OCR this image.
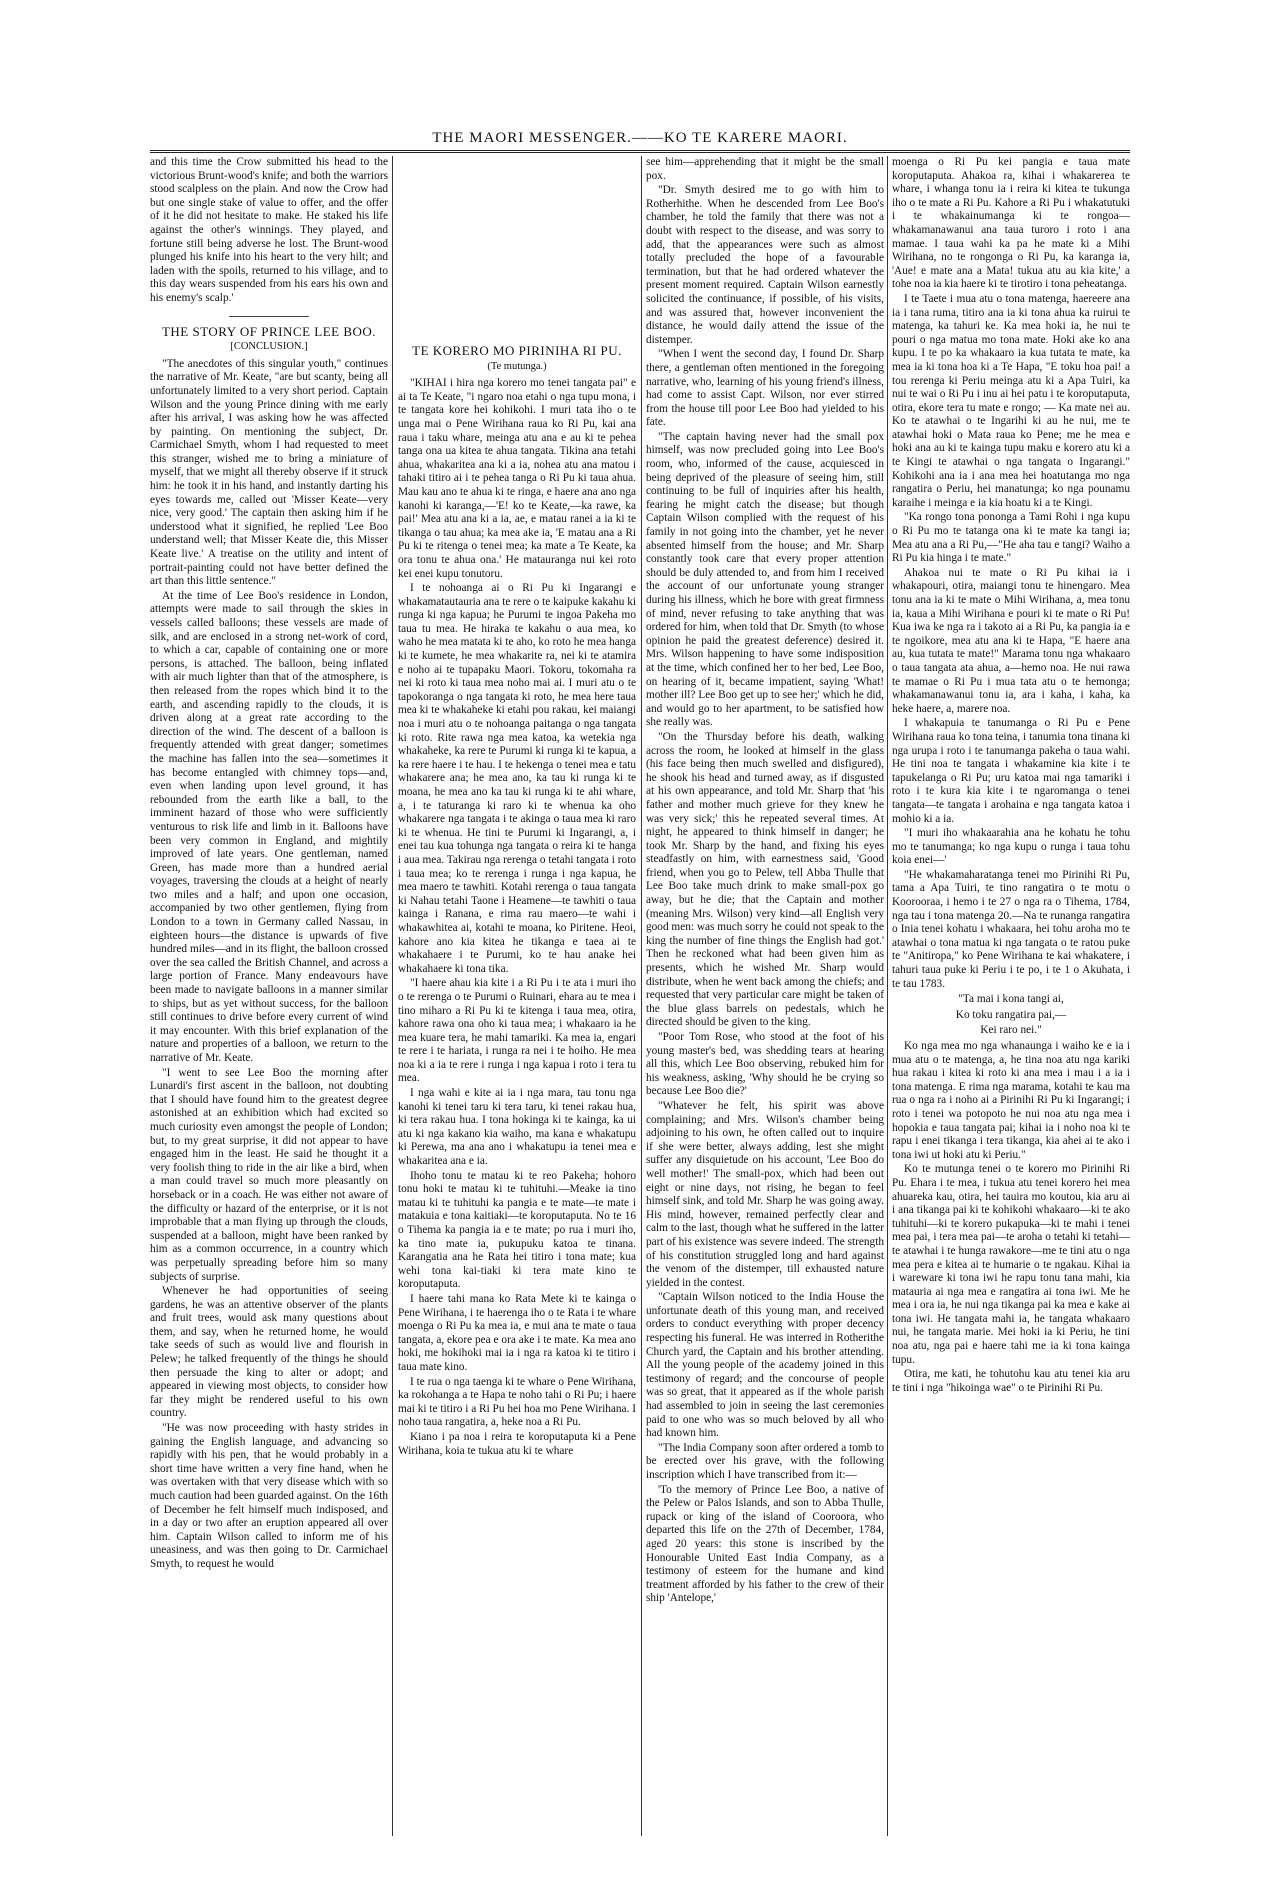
THE MAORI MESSENGER.——KO TE KARERE MAORI.

and this time the Crow submitted his head to the victorious Brunt-wood's knife; and both the warriors stood scalpless on the plain. And now the Crow had but one single stake of value to offer, and the offer of it he did not hesitate to make. He staked his life against the other's winnings. They played, and fortune still being adverse he lost. The Brunt-wood plunged his knife into his heart to the very hilt; and laden with the spoils, returned to his village, and to this day wears suspended from his ears his own and his enemy's scalp.'

THE STORY OF PRINCE LEE BOO.
[CONCLUSION.]

"The anecdotes of this singular youth," continues the narrative of Mr. Keate, "are but scanty, being all unfortunately limited to a very short period. Captain Wilson and the young Prince dining with me early after his arrival, I was asking how he was affected by painting. On mentioning the subject, Dr. Carmichael Smyth, whom I had requested to meet this stranger, wished me to bring a miniature of myself, that we might all thereby observe if it struck him: he took it in his hand, and instantly darting his eyes towards me, called out 'Misser Keate—very nice, very good.' The captain then asking him if he understood what it signified, he replied 'Lee Boo understand well; that Misser Keate die, this Misser Keate live.' A treatise on the utility and intent of portrait-painting could not have better defined the art than this little sentence."

At the time of Lee Boo's residence in London, attempts were made to sail through the skies in vessels called balloons; these vessels are made of silk, and are enclosed in a strong net-work of cord, to which a car, capable of containing one or more persons, is attached. The balloon, being inflated with air much lighter than that of the atmosphere, is then released from the ropes which bind it to the earth, and ascending rapidly to the clouds, it is driven along at a great rate according to the direction of the wind. The descent of a balloon is frequently attended with great danger; sometimes the machine has fallen into the sea—sometimes it has become entangled with chimney tops—and, even when landing upon level ground, it has rebounded from the earth like a ball, to the imminent hazard of those who were sufficiently venturous to risk life and limb in it. Balloons have been very common in England, and mightily improved of late years. One gentleman, named Green, has made more than a hundred aerial voyages, traversing the clouds at a height of nearly two miles and a half; and upon one occasion, accompanied by two other gentlemen, flying from London to a town in Germany called Nassau, in eighteen hours—the distance is upwards of five hundred miles—and in its flight, the balloon crossed over the sea called the British Channel, and across a large portion of France. Many endeavours have been made to navigate balloons in a manner similar to ships, but as yet without success, for the balloon still continues to drive before every current of wind it may encounter. With this brief explanation of the nature and properties of a balloon, we return to the narrative of Mr. Keate.

"I went to see Lee Boo the morning after Lunardi's first ascent in the balloon, not doubting that I should have found him to the greatest degree astonished at an exhibition which had excited so much curiosity even amongst the people of London; but, to my great surprise, it did not appear to have engaged him in the least. He said he thought it a very foolish thing to ride in the air like a bird, when a man could travel so much more pleasantly on horseback or in a coach. He was either not aware of the difficulty or hazard of the enterprise, or it is not improbable that a man flying up through the clouds, suspended at a balloon, might have been ranked by him as a common occurrence, in a country which was perpetually spreading before him so many subjects of surprise.

Whenever he had opportunities of seeing gardens, he was an attentive observer of the plants and fruit trees, would ask many questions about them, and say, when he returned home, he would take seeds of such as would live and flourish in Pelew; he talked frequently of the things he should then persuade the king to alter or adopt; and appeared in viewing most objects, to consider how far they might be rendered useful to his own country.

"He was now proceeding with hasty strides in gaining the English language, and advancing so rapidly with his pen, that he would probably in a short time have written a very fine hand, when he was overtaken with that very disease which with so much caution had been guarded against. On the 16th of December he felt himself much indisposed, and in a day or two after an eruption appeared all over him. Captain Wilson called to inform me of his uneasiness, and was then going to Dr. Carmichael Smyth, to request he would

TE KORERO MO PIRINIHA RI PU.
(Te mutunga.)

"KIHAI i hira nga korero mo tenei tangata pai" e ai ta Te Keate, "i ngaro noa etahi o nga tupu mona, i te tangata kore hei kohikohi. I muri tata iho o te unga mai o Pene Wirihana raua ko Ri Pu, kai ana raua i taku whare, meinga atu ana e au ki te pehea tanga ona ua kitea te ahua tangata. Tikina ana tetahi ahua, whakaritea ana ki a ia, nohea atu ana matou i tahaki titiro ai i te pehea tanga o Ri Pu ki taua ahua. Mau kau ano te ahua ki te ringa, e haere ana ano nga kanohi ki karanga,—'E! ko te Keate,—ka rawe, ka pai!' Mea atu ana ki a ia, ae, e matau ranei a ia ki te tikanga o tau ahua; ka mea ake ia, 'E matau ana a Ri Pu ki te ritenga o tenei mea; ka mate a Te Keate, ka ora tonu te ahua ona.' He matauranga nui kei roto kei enei kupu tonutoru.

I te nohoanga ai o Ri Pu ki Ingarangi e whakamatautauria ana te rere o te kaipuke kakahu ki runga ki nga kapua; he Purumi te ingoa Pakeha mo taua tu mea. He hiraka te kakahu o aua mea, ko waho he mea matata ki te aho, ko roto he mea hanga ki te kumete, he mea whakarite ra, nei ki te atamira e noho ai te tupapaku Maori. Tokoru, tokomaha ra nei ki roto ki taua mea noho mai ai. I muri atu o te tapokoranga o nga tangata ki roto, he mea here taua mea ki te whakaheke ki etahi pou rakau, kei maiangi noa i muri atu o te nohoanga paitanga o nga tangata ki roto. Rite rawa nga mea katoa, ka wetekia nga whakaheke, ka rere te Purumi ki runga ki te kapua, a ka rere haere i te hau. I te hekenga o tenei mea e tatu whakarere ana; he mea ano, ka tau ki runga ki te moana, he mea ano ka tau ki runga ki te ahi whare, a, i te taturanga ki raro ki te whenua ka oho whakarere nga tangata i te akinga o taua mea ki raro ki te whenua. He tini te Purumi ki Ingarangi, a, i enei tau kua tohunga nga tangata o reira ki te hanga i aua mea. Takirau nga rerenga o tetahi tangata i roto i taua mea; ko te rerenga i runga i nga kapua, he mea maero te tawhiti. Kotahi rerenga o taua tangata ki Nahau tetahi Taone i Heamene—te tawhiti o taua kainga i Ranana, e rima rau maero—te wahi i whakawhitea ai, kotahi te moana, ko Piritene. Heoi, kahore ano kia kitea he tikanga e taea ai te whakahaere i te Purumi, ko te hau anake hei whakahaere ki tona tika.

"I haere ahau kia kite i a Ri Pu i te ata i muri iho o te rerenga o te Purumi o Ruinari, ehara au te mea i tino miharo a Ri Pu ki te kitenga i taua mea, otira, kahore rawa ona oho ki taua mea; i whakaaro ia he mea kuare tera, he mahi tamariki. Ka mea ia, engari te rere i te hariata, i runga ra nei i te hoiho. He mea noa ki a ia te rere i runga i nga kapua i roto i tera tu mea.

I nga wahi e kite ai ia i nga mara, tau tonu nga kanohi ki tenei taru ki tera taru, ki tenei rakau hua, ki tera rakau hua. I tona hokinga ki te kainga, ka ui atu ki nga kakano kia waiho, ma kana e whakatupu ki Perewa, ma ana ano i whakatupu ia tenei mea e whakaritea ana e ia.

Ihoho tonu te matau ki te reo Pakeha; hohoro tonu hoki te matau ki te tuhituhi.—Meake ia tino matau ki te tuhituhi ka pangia e te mate—te mate i matakuia e tona kaitiaki—te koroputaputa. No te 16 o Tihema ka pangia ia e te mate; po rua i muri iho, ka tino mate ia, pukupuku katoa te tinana. Karangatia ana he Rata hei titiro i tona mate; kua wehi tona kai-tiaki ki tera mate kino te koroputaputa.

I haere tahi mana ko Rata Mete ki te kainga o Pene Wirihana, i te haerenga iho o te Rata i te whare moenga o Ri Pu ka mea ia, e mui ana te mate o taua tangata, a, ekore pea e ora ake i te mate. Ka mea ano hoki, me hokihoki mai ia i nga ra katoa ki te titiro i taua mate kino.

I te rua o nga taenga ki te whare o Pene Wirihana, ka rokohanga a te Hapa te noho tahi o Ri Pu; i haere mai ki te titiro i a Ri Pu hei hoa mo Pene Wirihana. I noho taua rangatira, a, heke noa a Ri Pu.

Kiano i pa noa i reira te koroputaputa ki a Pene Wirihana, koia te tukua atu ki te whare

see him—apprehending that it might be the small pox.

"Dr. Smyth desired me to go with him to Rotherhithe. When he descended from Lee Boo's chamber, he told the family that there was not a doubt with respect to the disease, and was sorry to add, that the appearances were such as almost totally precluded the hope of a favourable termination, but that he had ordered whatever the present moment required. Captain Wilson earnestly solicited the continuance, if possible, of his visits, and was assured that, however inconvenient the distance, he would daily attend the issue of the distemper.

"When I went the second day, I found Dr. Sharp there, a gentleman often mentioned in the foregoing narrative, who, learning of his young friend's illness, had come to assist Capt. Wilson, nor ever stirred from the house till poor Lee Boo had yielded to his fate.

"The captain having never had the small pox himself, was now precluded going into Lee Boo's room, who, informed of the cause, acquiesced in being deprived of the pleasure of seeing him, still continuing to be full of inquiries after his health, fearing he might catch the disease; but though Captain Wilson complied with the request of his family in not going into the chamber, yet he never absented himself from the house; and Mr. Sharp constantly took care that every proper attention should be duly attended to, and from him I received the account of our unfortunate young stranger during his illness, which he bore with great firmness of mind, never refusing to take anything that was ordered for him, when told that Dr. Smyth (to whose opinion he paid the greatest deference) desired it. Mrs. Wilson happening to have some indisposition at the time, which confined her to her bed, Lee Boo, on hearing of it, became impatient, saying 'What! mother ill? Lee Boo get up to see her;' which he did, and would go to her apartment, to be satisfied how she really was.

"On the Thursday before his death, walking across the room, he looked at himself in the glass (his face being then much swelled and disfigured), he shook his head and turned away, as if disgusted at his own appearance, and told Mr. Sharp that 'his father and mother much grieve for they knew he was very sick;' this he repeated several times. At night, he appeared to think himself in danger; he took Mr. Sharp by the hand, and fixing his eyes steadfastly on him, with earnestness said, 'Good friend, when you go to Pelew, tell Abba Thulle that Lee Boo take much drink to make small-pox go away, but he die; that the Captain and mother (meaning Mrs. Wilson) very kind—all English very good men: was much sorry he could not speak to the king the number of fine things the English had got.' Then he reckoned what had been given him as presents, which he wished Mr. Sharp would distribute, when he went back among the chiefs; and requested that very particular care might be taken of the blue glass barrels on pedestals, which he directed should be given to the king.

"Poor Tom Rose, who stood at the foot of his young master's bed, was shedding tears at hearing all this, which Lee Boo observing, rebuked him for his weakness, asking, 'Why should he be crying so because Lee Boo die?'

"Whatever he felt, his spirit was above complaining; and Mrs. Wilson's chamber being adjoining to his own, he often called out to inquire if she were better, always adding, lest she might suffer any disquietude on his account, 'Lee Boo do well mother!' The small-pox, which had been out eight or nine days, not rising, he began to feel himself sink, and told Mr. Sharp he was going away. His mind, however, remained perfectly clear and calm to the last, though what he suffered in the latter part of his existence was severe indeed. The strength of his constitution struggled long and hard against the venom of the distemper, till exhausted nature yielded in the contest.

"Captain Wilson noticed to the India House the unfortunate death of this young man, and received orders to conduct everything with proper decency respecting his funeral. He was interred in Rotherithe Church yard, the Captain and his brother attending. All the young people of the academy joined in this testimony of regard; and the concourse of people was so great, that it appeared as if the whole parish had assembled to join in seeing the last ceremonies paid to one who was so much beloved by all who had known him.

"The India Company soon after ordered a tomb to be erected over his grave, with the following inscription which I have transcribed from it:—

'To the memory of Prince Lee Boo, a native of the Pelew or Palos Islands, and son to Abba Thulle, rupack or king of the island of Cooroora, who departed this life on the 27th of December, 1784, aged 20 years: this stone is inscribed by the Honourable United East India Company, as a testimony of esteem for the humane and kind treatment afforded by his father to the crew of their ship 'Antelope,'

moenga o Ri Pu kei pangia e taua mate koroputaputa. Ahakoa ra, kihai i whakarerea te whare, i whanga tonu ia i reira ki kitea te tukunga iho o te mate a Ri Pu. Kahore a Ri Pu i whakatutuki i te whakainumanga ki te rongoa—whakamanawanui ana taua turoro i roto i ana mamae. I taua wahi ka pa he mate ki a Mihi Wirihana, no te rongonga o Ri Pu, ka karanga ia, 'Aue! e mate ana a Mata! tukua atu au kia kite,' a tohe noa ia kia haere ki te tirotiro i tona peheatanga.

I te Taete i mua atu o tona matenga, haereere ana ia i tana ruma, titiro ana ia ki tona ahua ka ruirui te matenga, ka tahuri ke. Ka mea hoki ia, he nui te pouri o nga matua mo tona mate. Hoki ake ko ana kupu. I te po ka whakaaro ia kua tutata te mate, ka mea ia ki tona hoa ki a Te Hapa, "E toku hoa pai! a tou rerenga ki Periu meinga atu ki a Apa Tuiri, ka nui te wai o Ri Pu i inu ai hei patu i te koroputaputa, otira, ekore tera tu mate e rongo; — Ka mate nei au. Ko te atawhai o te Ingarihi ki au he nui, me te atawhai hoki o Mata raua ko Pene; me he mea e hoki ana au ki te kainga tupu maku e korero atu ki a te Kingi te atawhai o nga tangata o Ingarangi." Kohikohi ana ia i ana mea hei hoatutanga mo nga rangatira o Periu, hei manatunga; ko nga pounamu karaihe i meinga e ia kia hoatu ki a te Kingi.

"Ka rongo tona pononga a Tami Rohi i nga kupu o Ri Pu mo te tatanga ona ki te mate ka tangi ia; Mea atu ana a Ri Pu,—"He aha tau e tangi? Waiho a Ri Pu kia hinga i te mate."

Ahakoa nui te mate o Ri Pu kihai ia i whakapouri, otira, maiangi tonu te hinengaro. Mea tonu ana ia ki te mate o Mihi Wirihana, a, mea tonu ia, kaua a Mihi Wirihana e pouri ki te mate o Ri Pu! Kua iwa ke nga ra i takoto ai a Ri Pu, ka pangia ia e te ngoikore, mea atu ana ki te Hapa, "E haere ana au, kua tutata te mate!" Marama tonu nga whakaaro o taua tangata ata ahua, a—hemo noa. He nui rawa te mamae o Ri Pu i mua tata atu o te hemonga; whakamanawanui tonu ia, ara i kaha, i kaha, ka heke haere, a, marere noa.

I whakapuia te tanumanga o Ri Pu e Pene Wirihana raua ko tona teina, i tanumia tona tinana ki nga urupa i roto i te tanumanga pakeha o taua wahi. He tini noa te tangata i whakamine kia kite i te tapukelanga o Ri Pu; uru katoa mai nga tamariki i roto i te kura kia kite i te ngaromanga o tenei tangata—te tangata i arohaina e nga tangata katoa i mohio ki a ia.

"I muri iho whakaarahia ana he kohatu he tohu mo te tanumanga; ko nga kupu o runga i taua tohu koia enei—'

"He whakamaharatanga tenei mo Pirinihi Ri Pu, tama a Apa Tuiri, te tino rangatira o te motu o Koorooraa, i hemo i te 27 o nga ra o Tihema, 1784, nga tau i tona matenga 20.—Na te runanga rangatira o Inia tenei kohatu i whakaara, hei tohu aroha mo te atawhai o tona matua ki nga tangata o te ratou puke te "Anitiropa," ko Pene Wirihana te kai whakatere, i tahuri taua puke ki Periu i te po, i te 1 o Akuhata, i te tau 1783.

"Ta mai i kona tangi ai,
Ko toku rangatira pai,—
Kei raro nei."

Ko nga mea mo nga whanaunga i waiho ke e ia i mua atu o te matenga, a, he tina noa atu nga kariki hua rakau i kitea ki roto ki ana mea i mau i a ia i tona matenga. E rima nga marama, kotahi te kau ma rua o nga ra i noho ai a Pirinihi Ri Pu ki Ingarangi; i roto i tenei wa potopoto he nui noa atu nga mea i hopokia e taua tangata pai; kihai ia i noho noa ki te rapu i enei tikanga i tera tikanga, kia ahei ai te ako i tona iwi ut hoki atu ki Periu."

Ko te mutunga tenei o te korero mo Pirinihi Ri Pu. Ehara i te mea, i tukua atu tenei korero hei mea ahuareka kau, otira, hei tauira mo koutou, kia aru ai i ana tikanga pai ki te kohikohi whakaaro—ki te ako tuhituhi—ki te korero pukapuka—ki te mahi i tenei mea pai, i tera mea pai—te aroha o tetahi ki tetahi—te atawhai i te hunga rawakore—me te tini atu o nga mea pera e kitea ai te humarie o te ngakau. Kihai ia i wareware ki tona iwi he rapu tonu tana mahi, kia matauria ai nga mea e rangatira ai tona iwi. Me he mea i ora ia, he nui nga tikanga pai ka mea e kake ai tona iwi. He tangata mahi ia, he tangata whakaaro nui, he tangata marie. Mei hoki ia ki Periu, he tini noa atu, nga pai e haere tahi me ia ki tona kainga tupu.

Otira, me kati, he tohutohu kau atu tenei kia aru te tini i nga "hikoinga wae" o te Pirinihi Ri Pu.
